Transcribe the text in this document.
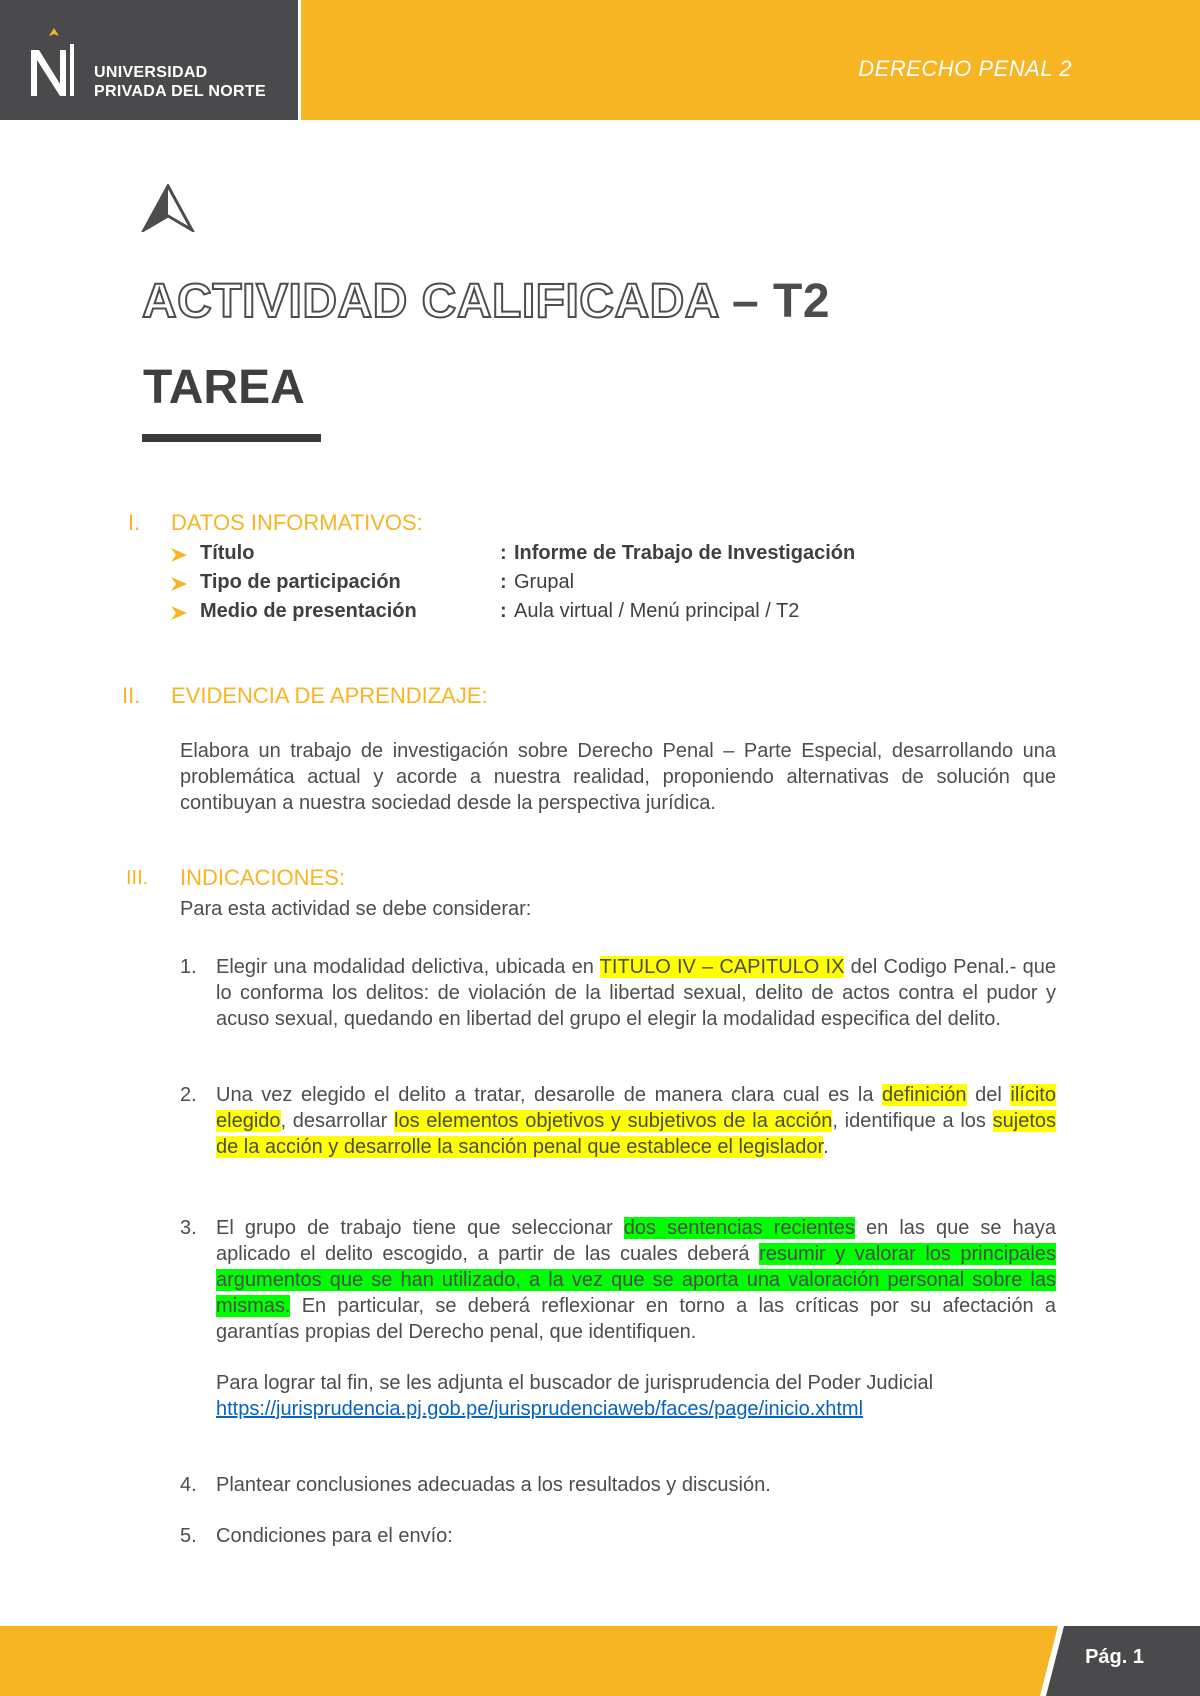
UNIVERSIDAD
PRIVADA DEL NORTE
DERECHO PENAL 2
ACTIVIDAD CALIFICADA – T2
TAREA
I. DATOS INFORMATIVOS:
Título	: Informe de Trabajo de Investigación
Tipo de participación	: Grupal
Medio de presentación	: Aula virtual / Menú principal / T2
II. EVIDENCIA DE APRENDIZAJE:
Elabora un trabajo de investigación sobre Derecho Penal – Parte Especial, desarrollando una problemática actual y acorde a nuestra realidad, proponiendo alternativas de solución que contibuyan a nuestra sociedad desde la perspectiva jurídica.
III. INDICACIONES:
Para esta actividad se debe considerar:
1. Elegir una modalidad delictiva, ubicada en TITULO IV – CAPITULO IX del Codigo Penal.- que lo conforma los delitos: de violación de la libertad sexual, delito de actos contra el pudor y acuso sexual, quedando en libertad del grupo el elegir la modalidad especifica del delito.
2. Una vez elegido el delito a tratar, desarolle de manera clara cual es la definición del ilícito elegido, desarrollar los elementos objetivos y subjetivos de la acción, identifique a los sujetos de la acción y desarrolle la sanción penal que establece el legislador.
3. El grupo de trabajo tiene que seleccionar dos sentencias recientes en las que se haya aplicado el delito escogido, a partir de las cuales deberá resumir y valorar los principales argumentos que se han utilizado, a la vez que se aporta una valoración personal sobre las mismas. En particular, se deberá reflexionar en torno a las críticas por su afectación a garantías propias del Derecho penal, que identifiquen.
Para lograr tal fin, se les adjunta el buscador de jurisprudencia del Poder Judicial
https://jurisprudencia.pj.gob.pe/jurisprudenciaweb/faces/page/inicio.xhtml
4. Plantear conclusiones adecuadas a los resultados y discusión.
5. Condiciones para el envío:
Pág. 1
